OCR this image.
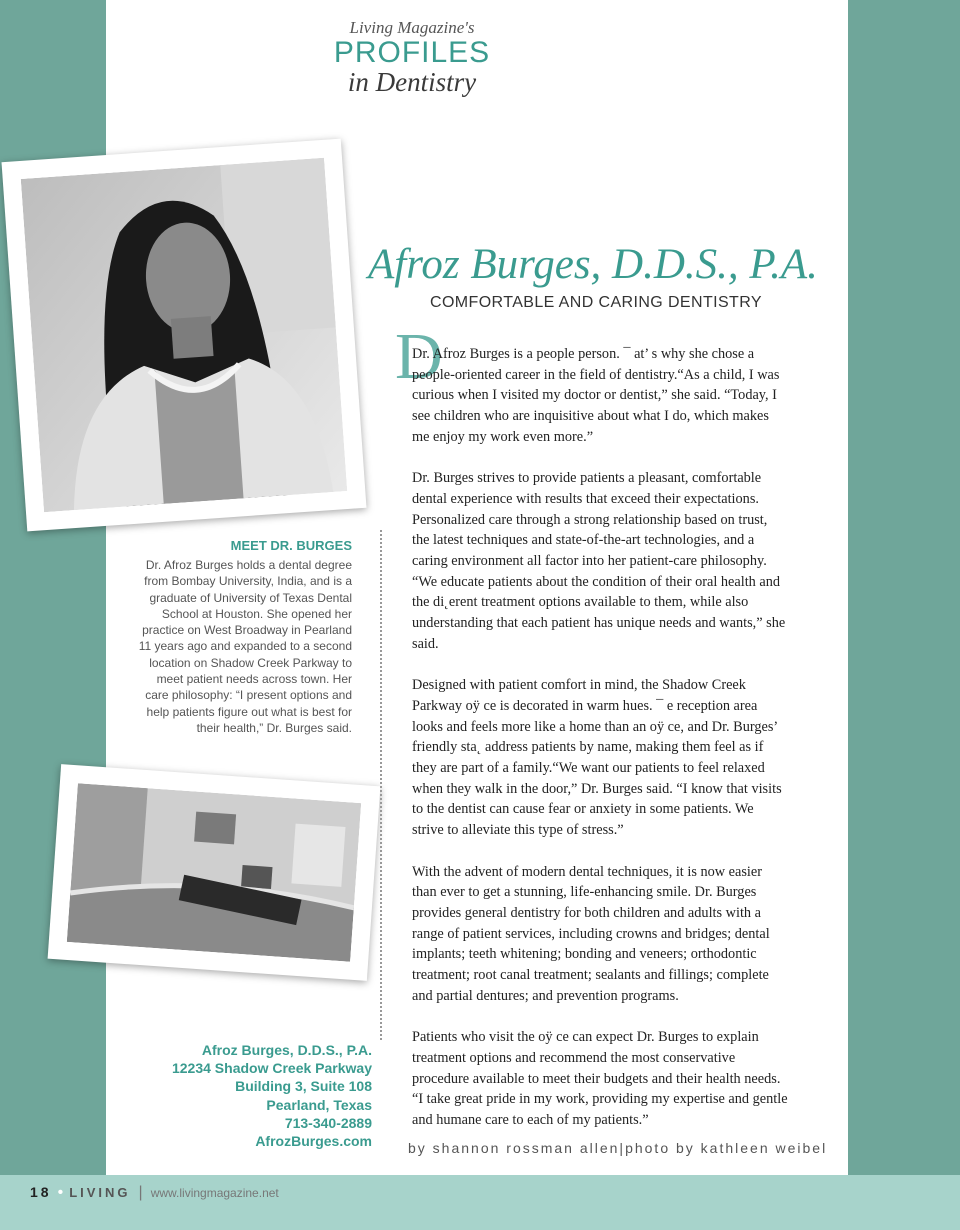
Living Magazine's
PROFILES
in Dentistry
Afroz Burges, D.D.S., P.A.
COMFORTABLE AND CARING DENTISTRY
D

Dr. Afroz Burges is a people person. ¯ at’ s why she chose a people-oriented career in the field of dentistry.“As a child, I was curious when I visited my doctor or dentist,” she said. “Today, I see children who are inquisitive about what I do, which makes me enjoy my work even more.”

Dr. Burges strives to provide patients a pleasant, comfortable dental experience with results that exceed their expectations. Personalized care through a strong relationship based on trust, the latest techniques and state-of-the-art technologies, and a caring environment all factor into her patient-care philosophy. “We educate patients about the condition of their oral health and the di˛erent treatment options available to them, while also understanding that each patient has unique needs and wants,” she said.

Designed with patient comfort in mind, the Shadow Creek Parkway oÿ ce is decorated in warm hues. ¯ e reception area looks and feels more like a home than an oÿ ce, and Dr. Burges’ friendly sta˛ address patients by name, making them feel as if they are part of a family.“We want our patients to feel relaxed when they walk in the door,” Dr. Burges said. “I know that visits to the dentist can cause fear or anxiety in some patients. We strive to alleviate this type of stress.”

With the advent of modern dental techniques, it is now easier than ever to get a stunning, life-enhancing smile. Dr. Burges provides general dentistry for both children and adults with a range of patient services, including crowns and bridges; dental implants; teeth whitening; bonding and veneers; orthodontic treatment; root canal treatment; sealants and fillings; complete and partial dentures; and prevention programs.

Patients who visit the oÿ ce can expect Dr. Burges to explain treatment options and recommend the most conservative procedure available to meet their budgets and their health needs. “I take great pride in my work, providing my expertise and gentle and humane care to each of my patients.”

MEET DR. BURGES
Dr. Afroz Burges holds a dental degree from Bombay University, India, and is a graduate of University of Texas Dental School at Houston. She opened her practice on West Broadway in Pearland 11 years ago and expanded to a second location on Shadow Creek Parkway to meet patient needs across town. Her care philosophy: “I present options and help patients figure out what is best for their health,” Dr. Burges said.
Afroz Burges, D.D.S., P.A.
12234 Shadow Creek Parkway
Building 3, Suite 108
Pearland, Texas
713-340-2889
AfrozBurges.com	by shannon rossman allen|photo by kathleen weibel
18 • LIVING | www.livingmagazine.net
